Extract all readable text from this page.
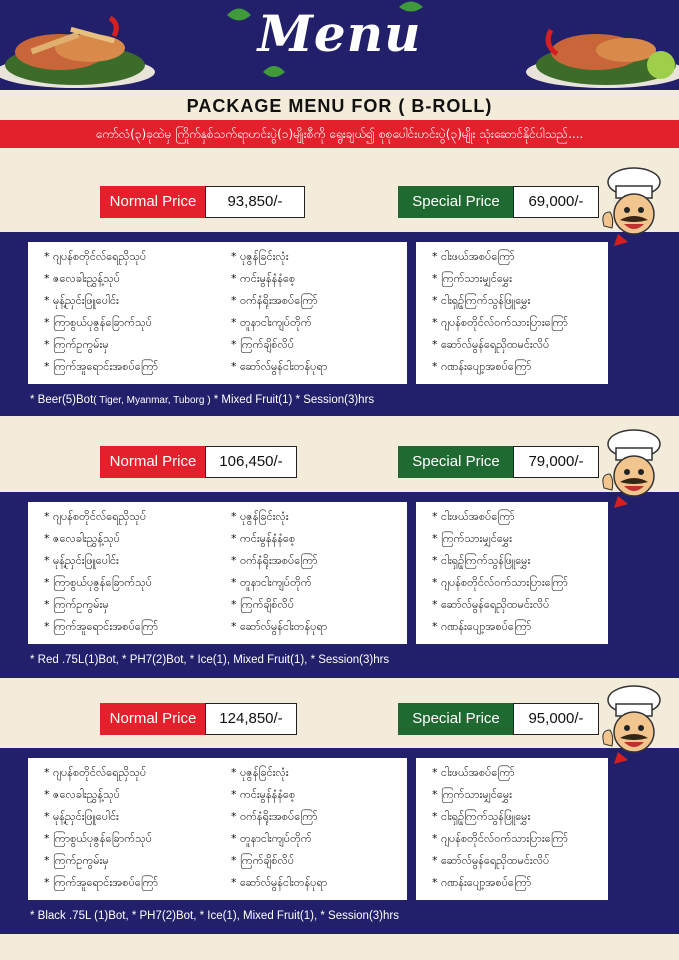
Menu
PACKAGE MENU FOR ( B-ROLL)
ကော်လံ(၃)ခုထဲမှ ကြိုက်နှစ်သက်ရာဟင်းပွဲ(၁)မျိုးစီကို ရွေးချယ်၍ စုစုပေါင်းဟင်းပွဲ(၃)မျိုး သုံးဆောင်နိုင်ပါသည်....
Normal Price	93,850/-	Special Price	69,000/-
* ဂျပန်စတိုင်လ်ရေညှိသုပ်
* ဇလေခါးညွှန့်သုပ်
* မုန့်ညှင်းဖြူပေါင်း
* ကြာစွယ်ပုဇွန်ခြောက်သုပ်
* ကြက်ဥကွမ်းမှ
* ကြက်အူရောင်းအစပ်ကြော်
* ပုဇွန်ခြင်းလုံး
* ကင်းမွန်နံနံစေ့
* ဝက်နံရိုးအစပ်ကြော်
* တူနာငါးကျပ်တိုက်
* ကြက်ချိစ်လိပ်
* ဆော်လ်မွန်ငါးတန်ပုရာ
* ငါးဖယ်အစပ်ကြော်
* ကြက်သားမျှင်မွှေး
* ငါးရှဉ့်ကြက်သွန်ဖြူမွှေး
* ဂျပန်စတိုင်လ်ဝက်သားပြားကြော်
* ဆော်လ်မွန်ရေညှိထမင်းလိပ်
* ဂဏန်းပျော့အစပ်ကြော်
* Beer(5)Bot( Tiger, Myanmar, Tuborg ) * Mixed Fruit(1) * Session(3)hrs
Normal Price	106,450/-	Special Price	79,000/-
* ဂျပန်စတိုင်လ်ရေညှိသုပ်
* ဇလေခါးညွှန့်သုပ်
* မုန့်ညှင်းဖြူပေါင်း
* ကြာစွယ်ပုဇွန်ခြောက်သုပ်
* ကြက်ဥကွမ်းမှ
* ကြက်အူရောင်းအစပ်ကြော်
* ပုဇွန်ခြင်းလုံး
* ကင်းမွန်နံနံစေ့
* ဝက်နံရိုးအစပ်ကြော်
* တူနာငါးကျပ်တိုက်
* ကြက်ချိစ်လိပ်
* ဆော်လ်မွန်ငါးတန်ပုရာ
* ငါးဖယ်အစပ်ကြော်
* ကြက်သားမျှင်မွှေး
* ငါးရှဉ့်ကြက်သွန်ဖြူမွှေး
* ဂျပန်စတိုင်လ်ဝက်သားပြားကြော်
* ဆော်လ်မွန်ရေညှိထမင်းလိပ်
* ဂဏန်းပျော့အစပ်ကြော်
* Red .75L(1)Bot, * PH7(2)Bot, * Ice(1), Mixed Fruit(1), * Session(3)hrs
Normal Price	124,850/-	Special Price	95,000/-
* ဂျပန်စတိုင်လ်ရေညှိသုပ်
* ဇလေခါးညွှန့်သုပ်
* မုန့်ညှင်းဖြူပေါင်း
* ကြာစွယ်ပုဇွန်ခြောက်သုပ်
* ကြက်ဥကွမ်းမှ
* ကြက်အူရောင်းအစပ်ကြော်
* ပုဇွန်ခြင်းလုံး
* ကင်းမွန်နံနံစေ့
* ဝက်နံရိုးအစပ်ကြော်
* တူနာငါးကျပ်တိုက်
* ကြက်ချိစ်လိပ်
* ဆော်လ်မွန်ငါးတန်ပုရာ
* ငါးဖယ်အစပ်ကြော်
* ကြက်သားမျှင်မွှေး
* ငါးရှဉ့်ကြက်သွန်ဖြူမွှေး
* ဂျပန်စတိုင်လ်ဝက်သားပြားကြော်
* ဆော်လ်မွန်ရေညှိထမင်းလိပ်
* ဂဏန်းပျော့အစပ်ကြော်
* Black .75L (1)Bot, * PH7(2)Bot, * Ice(1), Mixed Fruit(1), * Session(3)hrs
